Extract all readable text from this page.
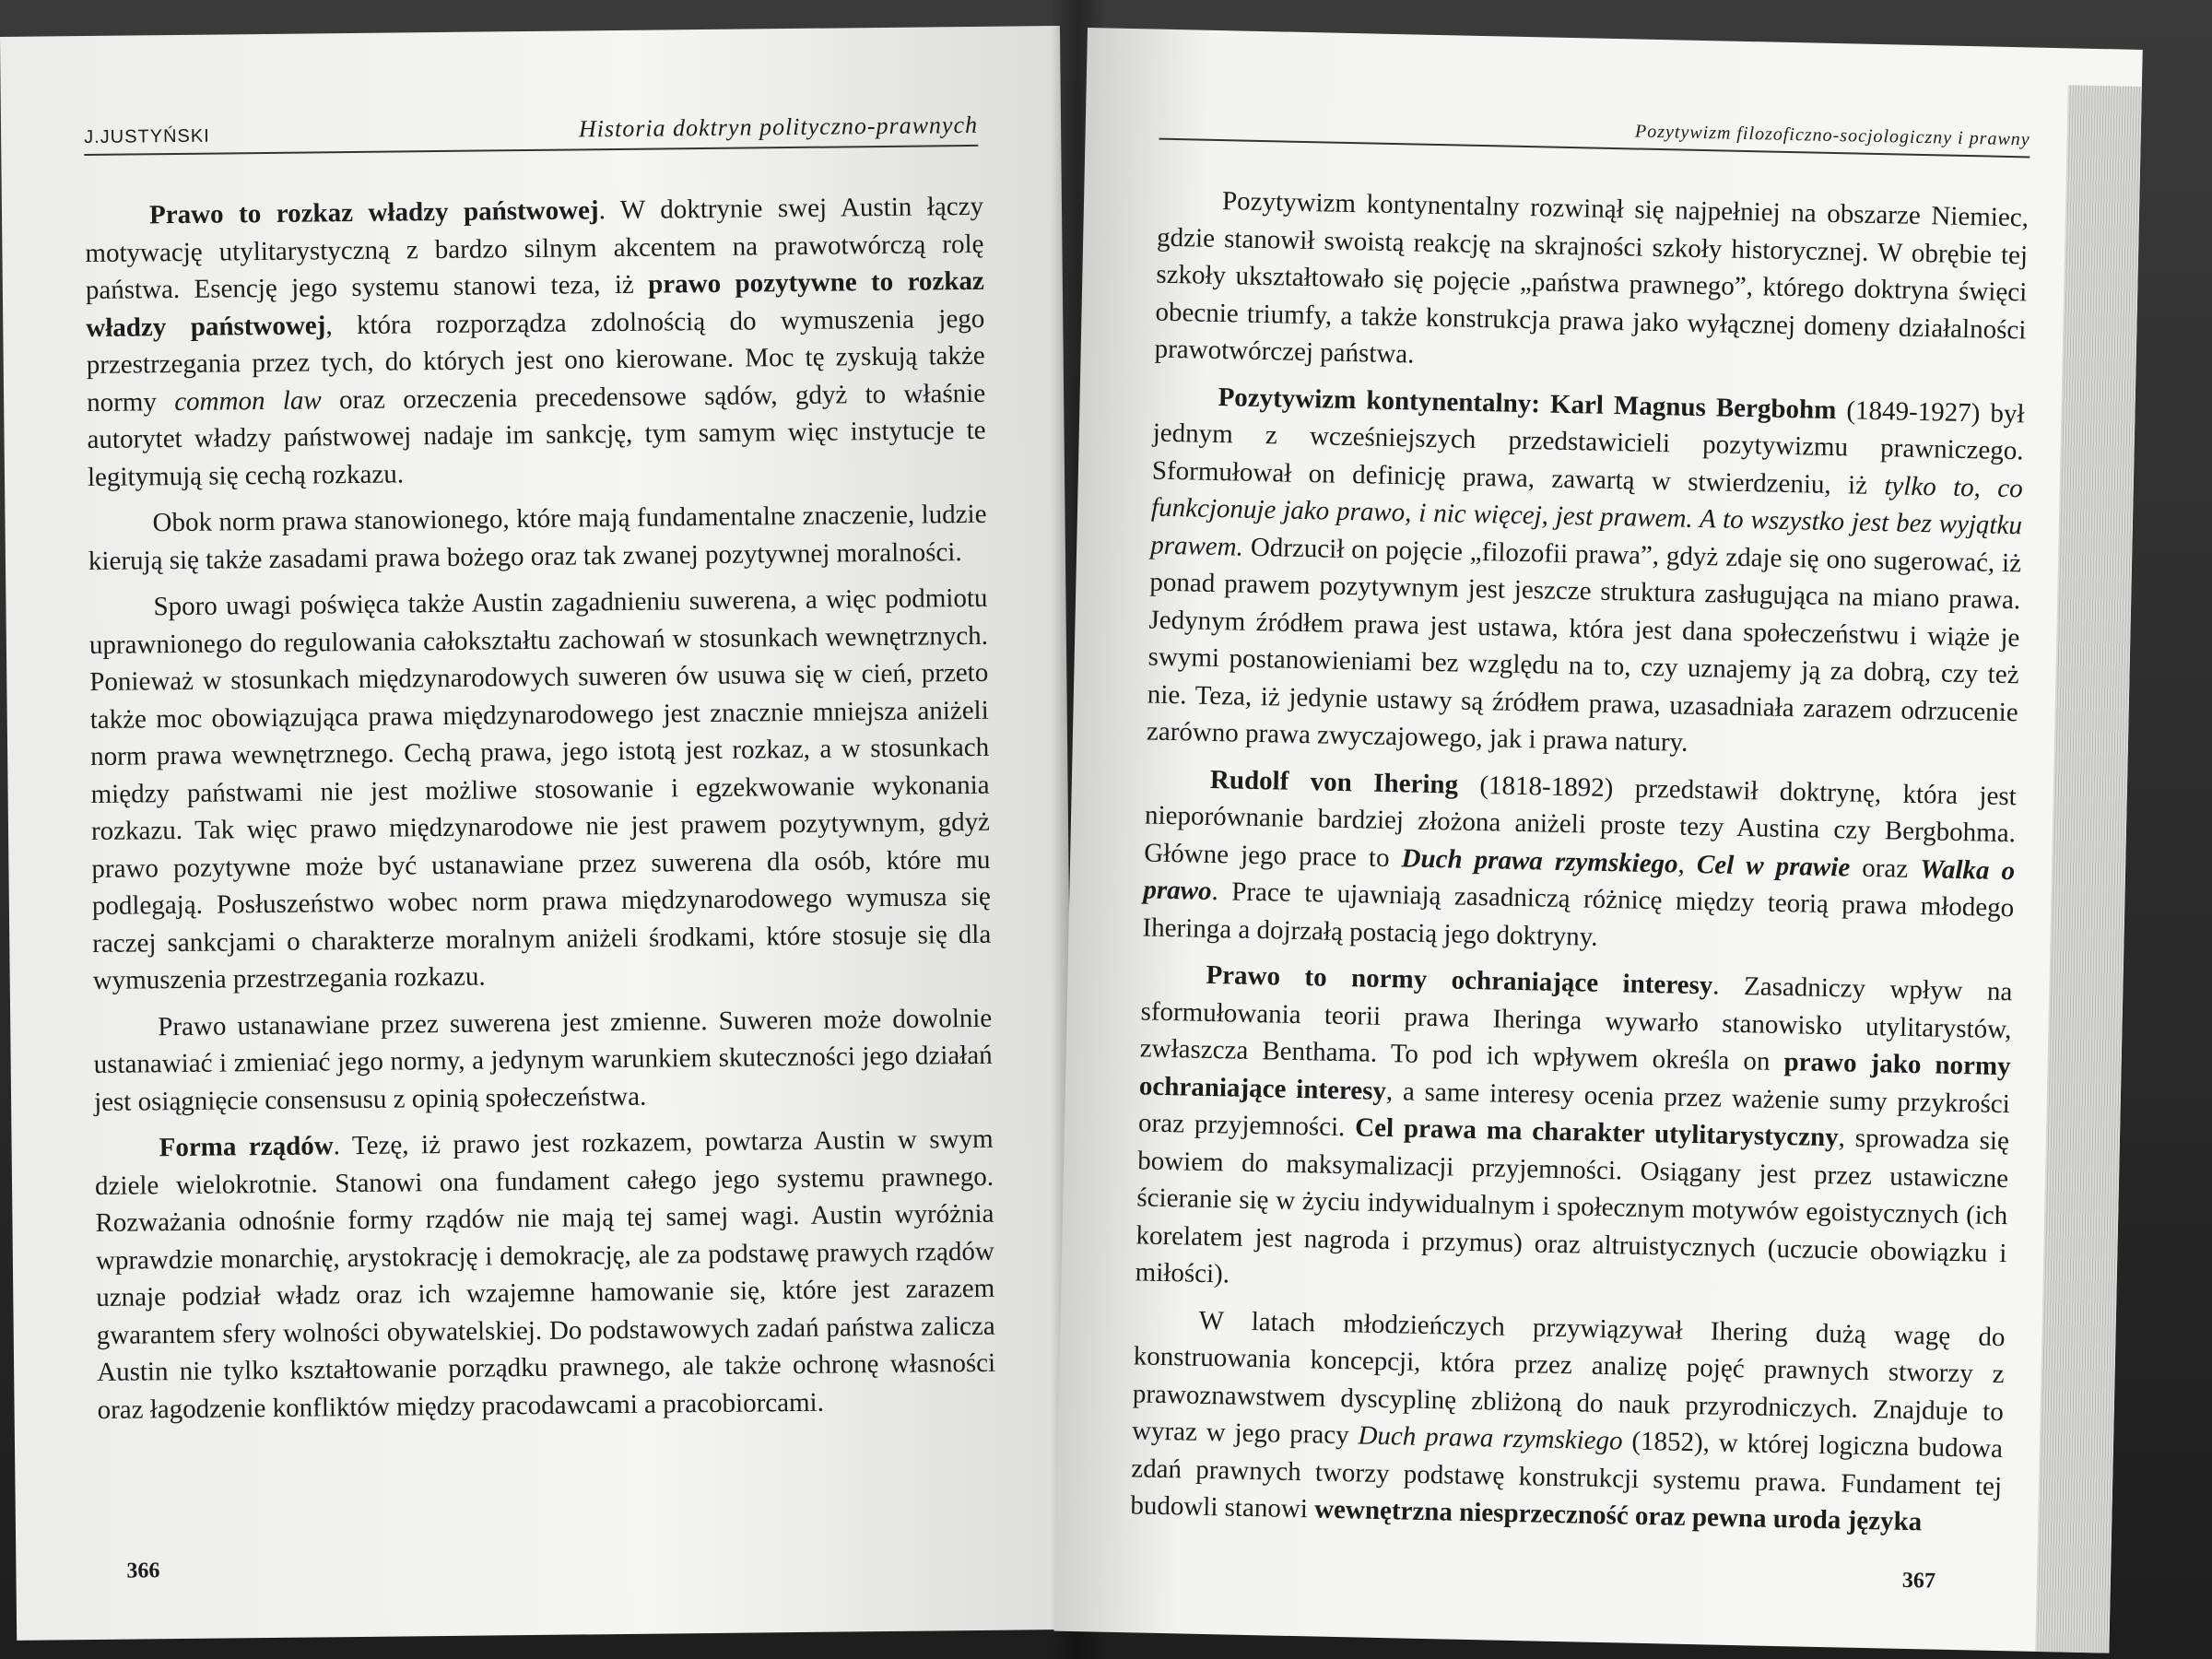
J.JUSTYŃSKI	Historia doktryn polityczno-prawnych

Prawo to rozkaz władzy państwowej. W doktrynie swej Austin łączy motywację utylitarystyczną z bardzo silnym akcentem na prawotwórczą rolę państwa. Esencję jego systemu stanowi teza, iż prawo pozytywne to rozkaz władzy państwowej, która rozporządza zdolnością do wymuszenia jego przestrzegania przez tych, do których jest ono kierowane. Moc tę zyskują także normy common law oraz orzeczenia precedensowe sądów, gdyż to właśnie autorytet władzy państwowej nadaje im sankcję, tym samym więc instytucje te legitymują się cechą rozkazu.

Obok norm prawa stanowionego, które mają fundamentalne znaczenie, ludzie kierują się także zasadami prawa bożego oraz tak zwanej pozytywnej moralności.

Sporo uwagi poświęca także Austin zagadnieniu suwerena, a więc podmiotu uprawnionego do regulowania całokształtu zachowań w stosunkach wewnętrznych. Ponieważ w stosunkach międzynarodowych suweren ów usuwa się w cień, przeto także moc obowiązująca prawa międzynarodowego jest znacznie mniejsza aniżeli norm prawa wewnętrznego. Cechą prawa, jego istotą jest rozkaz, a w stosunkach między państwami nie jest możliwe stosowanie i egzekwowanie wykonania rozkazu. Tak więc prawo międzynarodowe nie jest prawem pozytywnym, gdyż prawo pozytywne może być ustanawiane przez suwerena dla osób, które mu podlegają. Posłuszeństwo wobec norm prawa międzynarodowego wymusza się raczej sankcjami o charakterze moralnym aniżeli środkami, które stosuje się dla wymuszenia przestrzegania rozkazu.

Prawo ustanawiane przez suwerena jest zmienne. Suweren może dowolnie ustanawiać i zmieniać jego normy, a jedynym warunkiem skuteczności jego działań jest osiągnięcie consensusu z opinią społeczeństwa.

Forma rządów. Tezę, iż prawo jest rozkazem, powtarza Austin w swym dziele wielokrotnie. Stanowi ona fundament całego jego systemu prawnego. Rozważania odnośnie formy rządów nie mają tej samej wagi. Austin wyróżnia wprawdzie monarchię, arystokrację i demokrację, ale za podstawę prawych rządów uznaje podział władz oraz ich wzajemne hamowanie się, które jest zarazem gwarantem sfery wolności obywatelskiej. Do podstawowych zadań państwa zalicza Austin nie tylko kształtowanie porządku prawnego, ale także ochronę własności oraz łagodzenie konfliktów między pracodawcami a pracobiorcami.

366
Pozytywizm filozoficzno-socjologiczny i prawny

Pozytywizm kontynentalny rozwinął się najpełniej na obszarze Niemiec, gdzie stanowił swoistą reakcję na skrajności szkoły historycznej. W obrębie tej szkoły ukształtowało się pojęcie „państwa prawnego”, którego doktryna święci obecnie triumfy, a także konstrukcja prawa jako wyłącznej domeny działalności prawotwórczej państwa.

Pozytywizm kontynentalny: Karl Magnus Bergbohm (1849-1927) był jednym z wcześniejszych przedstawicieli pozytywizmu prawniczego. Sformułował on definicję prawa, zawartą w stwierdzeniu, iż tylko to, co funkcjonuje jako prawo, i nic więcej, jest prawem. A to wszystko jest bez wyjątku prawem. Odrzucił on pojęcie „filozofii prawa”, gdyż zdaje się ono sugerować, iż ponad prawem pozytywnym jest jeszcze struktura zasługująca na miano prawa. Jedynym źródłem prawa jest ustawa, która jest dana społeczeństwu i wiąże je swymi postanowieniami bez względu na to, czy uznajemy ją za dobrą, czy też nie. Teza, iż jedynie ustawy są źródłem prawa, uzasadniała zarazem odrzucenie zarówno prawa zwyczajowego, jak i prawa natury.

Rudolf von Ihering (1818-1892) przedstawił doktrynę, która jest nieporównanie bardziej złożona aniżeli proste tezy Austina czy Bergbohma. Główne jego prace to Duch prawa rzymskiego, Cel w prawie oraz Walka o prawo. Prace te ujawniają zasadniczą różnicę między teorią prawa młodego Iheringa a dojrzałą postacią jego doktryny.

Prawo to normy ochraniające interesy. Zasadniczy wpływ na sformułowania teorii prawa Iheringa wywarło stanowisko utylitarystów, zwłaszcza Benthama. To pod ich wpływem określa on prawo jako normy ochraniające interesy, a same interesy ocenia przez ważenie sumy przykrości oraz przyjemności. Cel prawa ma charakter utylitarystyczny, sprowadza się bowiem do maksymalizacji przyjemności. Osiągany jest przez ustawiczne ścieranie się w życiu indywidualnym i społecznym motywów egoistycznych (ich korelatem jest nagroda i przymus) oraz altruistycznych (uczucie obowiązku i miłości).

W latach młodzieńczych przywiązywał Ihering dużą wagę do konstruowania koncepcji, która przez analizę pojęć prawnych stworzy z prawoznawstwem dyscyplinę zbliżoną do nauk przyrodniczych. Znajduje to wyraz w jego pracy Duch prawa rzymskiego (1852), w której logiczna budowa zdań prawnych tworzy podstawę konstrukcji systemu prawa. Fundament tej budowli stanowi wewnętrzna niesprzeczność oraz pewna uroda języka

367
